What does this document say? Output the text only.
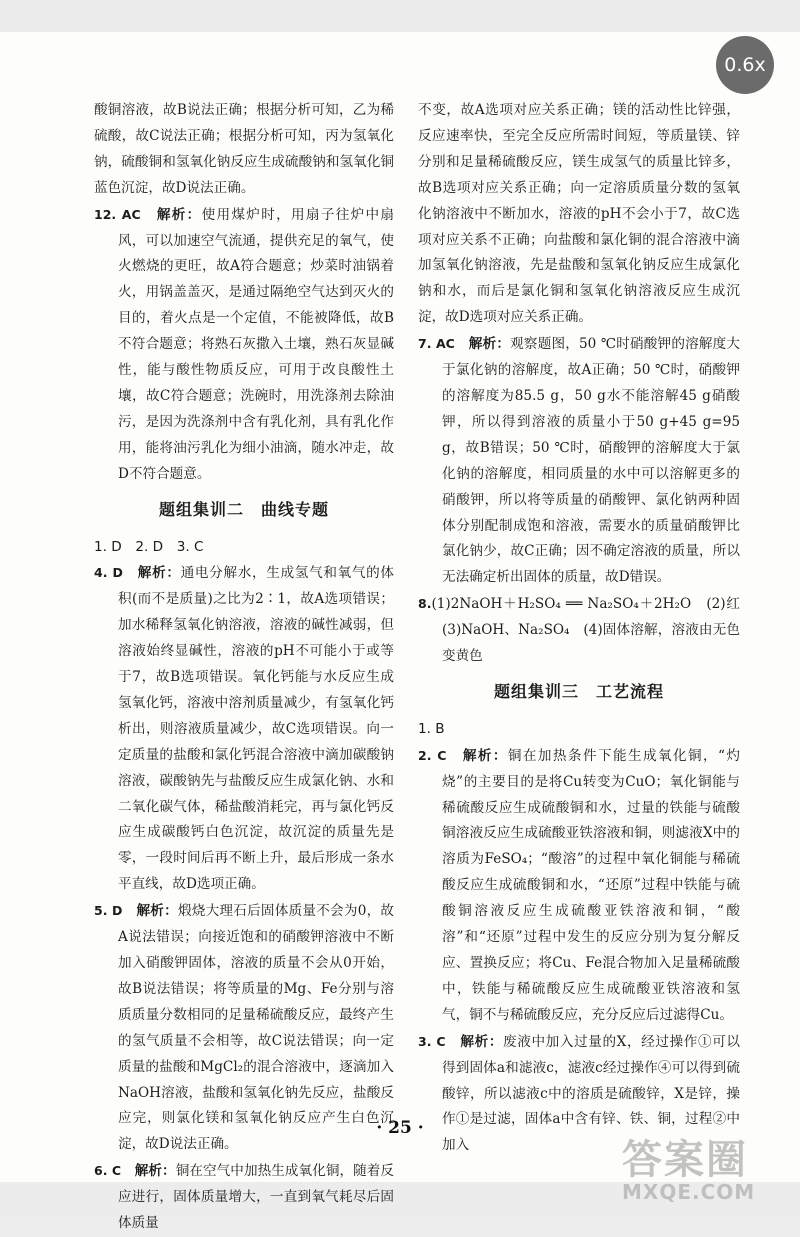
0.6x

酸铜溶液，故B说法正确；根据分析可知，乙为稀硫酸，故C说法正确；根据分析可知，丙为氢氧化钠，硫酸铜和氢氧化钠反应生成硫酸钠和氢氧化铜蓝色沉淀，故D说法正确。

12. AC　 解析：使用煤炉时，用扇子往炉中扇风，可以加速空气流通，提供充足的氧气，使火燃烧的更旺，故A符合题意；炒菜时油锅着火，用锅盖盖灭，是通过隔绝空气达到灭火的目的，着火点是一个定值，不能被降低，故B不符合题意；将熟石灰撒入土壤，熟石灰显碱性，能与酸性物质反应，可用于改良酸性土壤，故C符合题意；洗碗时，用洗涤剂去除油污，是因为洗涤剂中含有乳化剂，具有乳化作用，能将油污乳化为细小油滴，随水冲走，故D不符合题意。

题组集训二　曲线专题

1. D　2. D　3. C

4. D　 解析：通电分解水，生成氢气和氧气的体积(而不是质量)之比为2∶1，故A选项错误；加水稀释氢氧化钠溶液，溶液的碱性减弱，但溶液始终显碱性，溶液的pH不可能小于或等于7，故B选项错误。氧化钙能与水反应生成氢氧化钙，溶液中溶剂质量减少，有氢氧化钙析出，则溶液质量减少，故C选项错误。向一定质量的盐酸和氯化钙混合溶液中滴加碳酸钠溶液，碳酸钠先与盐酸反应生成氯化钠、水和二氧化碳气体，稀盐酸消耗完，再与氯化钙反应生成碳酸钙白色沉淀，故沉淀的质量先是零，一段时间后再不断上升，最后形成一条水平直线，故D选项正确。

5. D　 解析：煅烧大理石后固体质量不会为0，故A说法错误；向接近饱和的硝酸钾溶液中不断加入硝酸钾固体，溶液的质量不会从0开始，故B说法错误；将等质量的Mg、Fe分别与溶质质量分数相同的足量稀硫酸反应，最终产生的氢气质量不会相等，故C说法错误；向一定质量的盐酸和MgCl₂的混合溶液中，逐滴加入NaOH溶液，盐酸和氢氧化钠先反应，盐酸反应完，则氯化镁和氢氧化钠反应产生白色沉淀，故D说法正确。

6. C　 解析：铜在空气中加热生成氧化铜，随着反应进行，固体质量增大，一直到氧气耗尽后固体质量

不变，故A选项对应关系正确；镁的活动性比锌强，反应速率快，至完全反应所需时间短，等质量镁、锌分别和足量稀硫酸反应，镁生成氢气的质量比锌多，故B选项对应关系正确；向一定溶质质量分数的氢氧化钠溶液中不断加水，溶液的pH不会小于7，故C选项对应关系不正确；向盐酸和氯化铜的混合溶液中滴加氢氧化钠溶液，先是盐酸和氢氧化钠反应生成氯化钠和水，而后是氯化铜和氢氧化钠溶液反应生成沉淀，故D选项对应关系正确。

7. AC　 解析：观察题图，50 ℃时硝酸钾的溶解度大于氯化钠的溶解度，故A正确；50 ℃时，硝酸钾的溶解度为85.5 g，50 g水不能溶解45 g硝酸钾，所以得到溶液的质量小于50 g+45 g=95 g，故B错误；50 ℃时，硝酸钾的溶解度大于氯化钠的溶解度，相同质量的水中可以溶解更多的硝酸钾，所以将等质量的硝酸钾、氯化钠两种固体分别配制成饱和溶液，需要水的质量硝酸钾比氯化钠少，故C正确；因不确定溶液的质量，所以无法确定析出固体的质量，故D错误。

8.(1)2NaOH＋H₂SO₄ ══ Na₂SO₄＋2H₂O　(2)红　(3)NaOH、Na₂SO₄　(4)固体溶解，溶液由无色变黄色

题组集训三　工艺流程

1. B

2. C　 解析：铜在加热条件下能生成氧化铜，“灼烧”的主要目的是将Cu转变为CuO；氧化铜能与稀硫酸反应生成硫酸铜和水，过量的铁能与硫酸铜溶液反应生成硫酸亚铁溶液和铜，则滤液X中的溶质为FeSO₄；“酸溶”的过程中氧化铜能与稀硫酸反应生成硫酸铜和水，“还原”过程中铁能与硫酸铜溶液反应生成硫酸亚铁溶液和铜，“酸溶”和“还原”过程中发生的反应分别为复分解反应、置换反应；将Cu、Fe混合物加入足量稀硫酸中，铁能与稀硫酸反应生成硫酸亚铁溶液和氢气，铜不与稀硫酸反应，充分反应后过滤得Cu。

3. C　 解析：废液中加入过量的X，经过操作①可以得到固体a和滤液c，滤液c经过操作④可以得到硫酸锌，所以滤液c中的溶质是硫酸锌，X是锌，操作①是过滤，固体a中含有锌、铁、铜，过程②中加入

· 25 ·
答案圈
MXQE.COM
